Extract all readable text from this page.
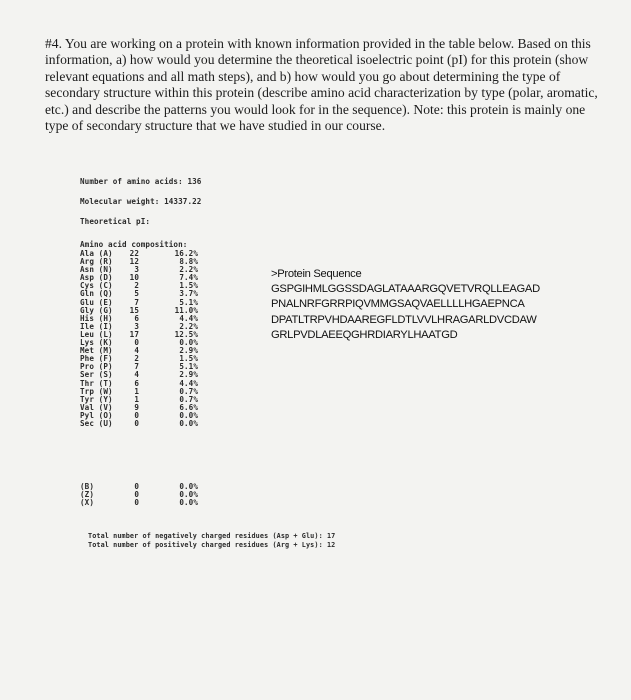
#4. You are working on a protein with known information provided in the table below. Based on this information, a) how would you determine the theoretical isoelectric point (pI) for this protein (show relevant equations and all math steps), and b) how would you go about determining the type of secondary structure within this protein (describe amino acid characterization by type (polar, aromatic, etc.) and describe the patterns you would look for in the sequence). Note: this protein is mainly one type of secondary structure that we have studied in our course.

Number of amino acids: 136
Molecular weight: 14337.22
Theoretical pI:
Amino acid composition:
Ala (A)	22	16.2%
Arg (R)	12	8.8%
Asn (N)	3	2.2%
Asp (D)	10	7.4%
Cys (C)	2	1.5%
Gln (Q)	5	3.7%
Glu (E)	7	5.1%
Gly (G)	15	11.0%
His (H)	6	4.4%
Ile (I)	3	2.2%
Leu (L)	17	12.5%
Lys (K)	0	0.0%
Met (M)	4	2.9%
Phe (F)	2	1.5%
Pro (P)	7	5.1%
Ser (S)	4	2.9%
Thr (T)	6	4.4%
Trp (W)	1	0.7%
Tyr (Y)	1	0.7%
Val (V)	9	6.6%
Pyl (O)	0	0.0%
Sec (U)	0	0.0%
(B)	0	0.0%
(Z)	0	0.0%
(X)	0	0.0%
Total number of negatively charged residues (Asp + Glu): 17
Total number of positively charged residues (Arg + Lys): 12
>Protein Sequence
GSPGIHMLGGSSDAGLATAAARGQVETVRQLLEAGAD
PNALNRFGRRPIQVMMGSAQVAELLLLHGAEPNCA
DPATLTRPVHDAAREGFLDTLVVLHRAGARLDVCDAW
GRLPVDLAEEQGHRDIARYLHAATGD
